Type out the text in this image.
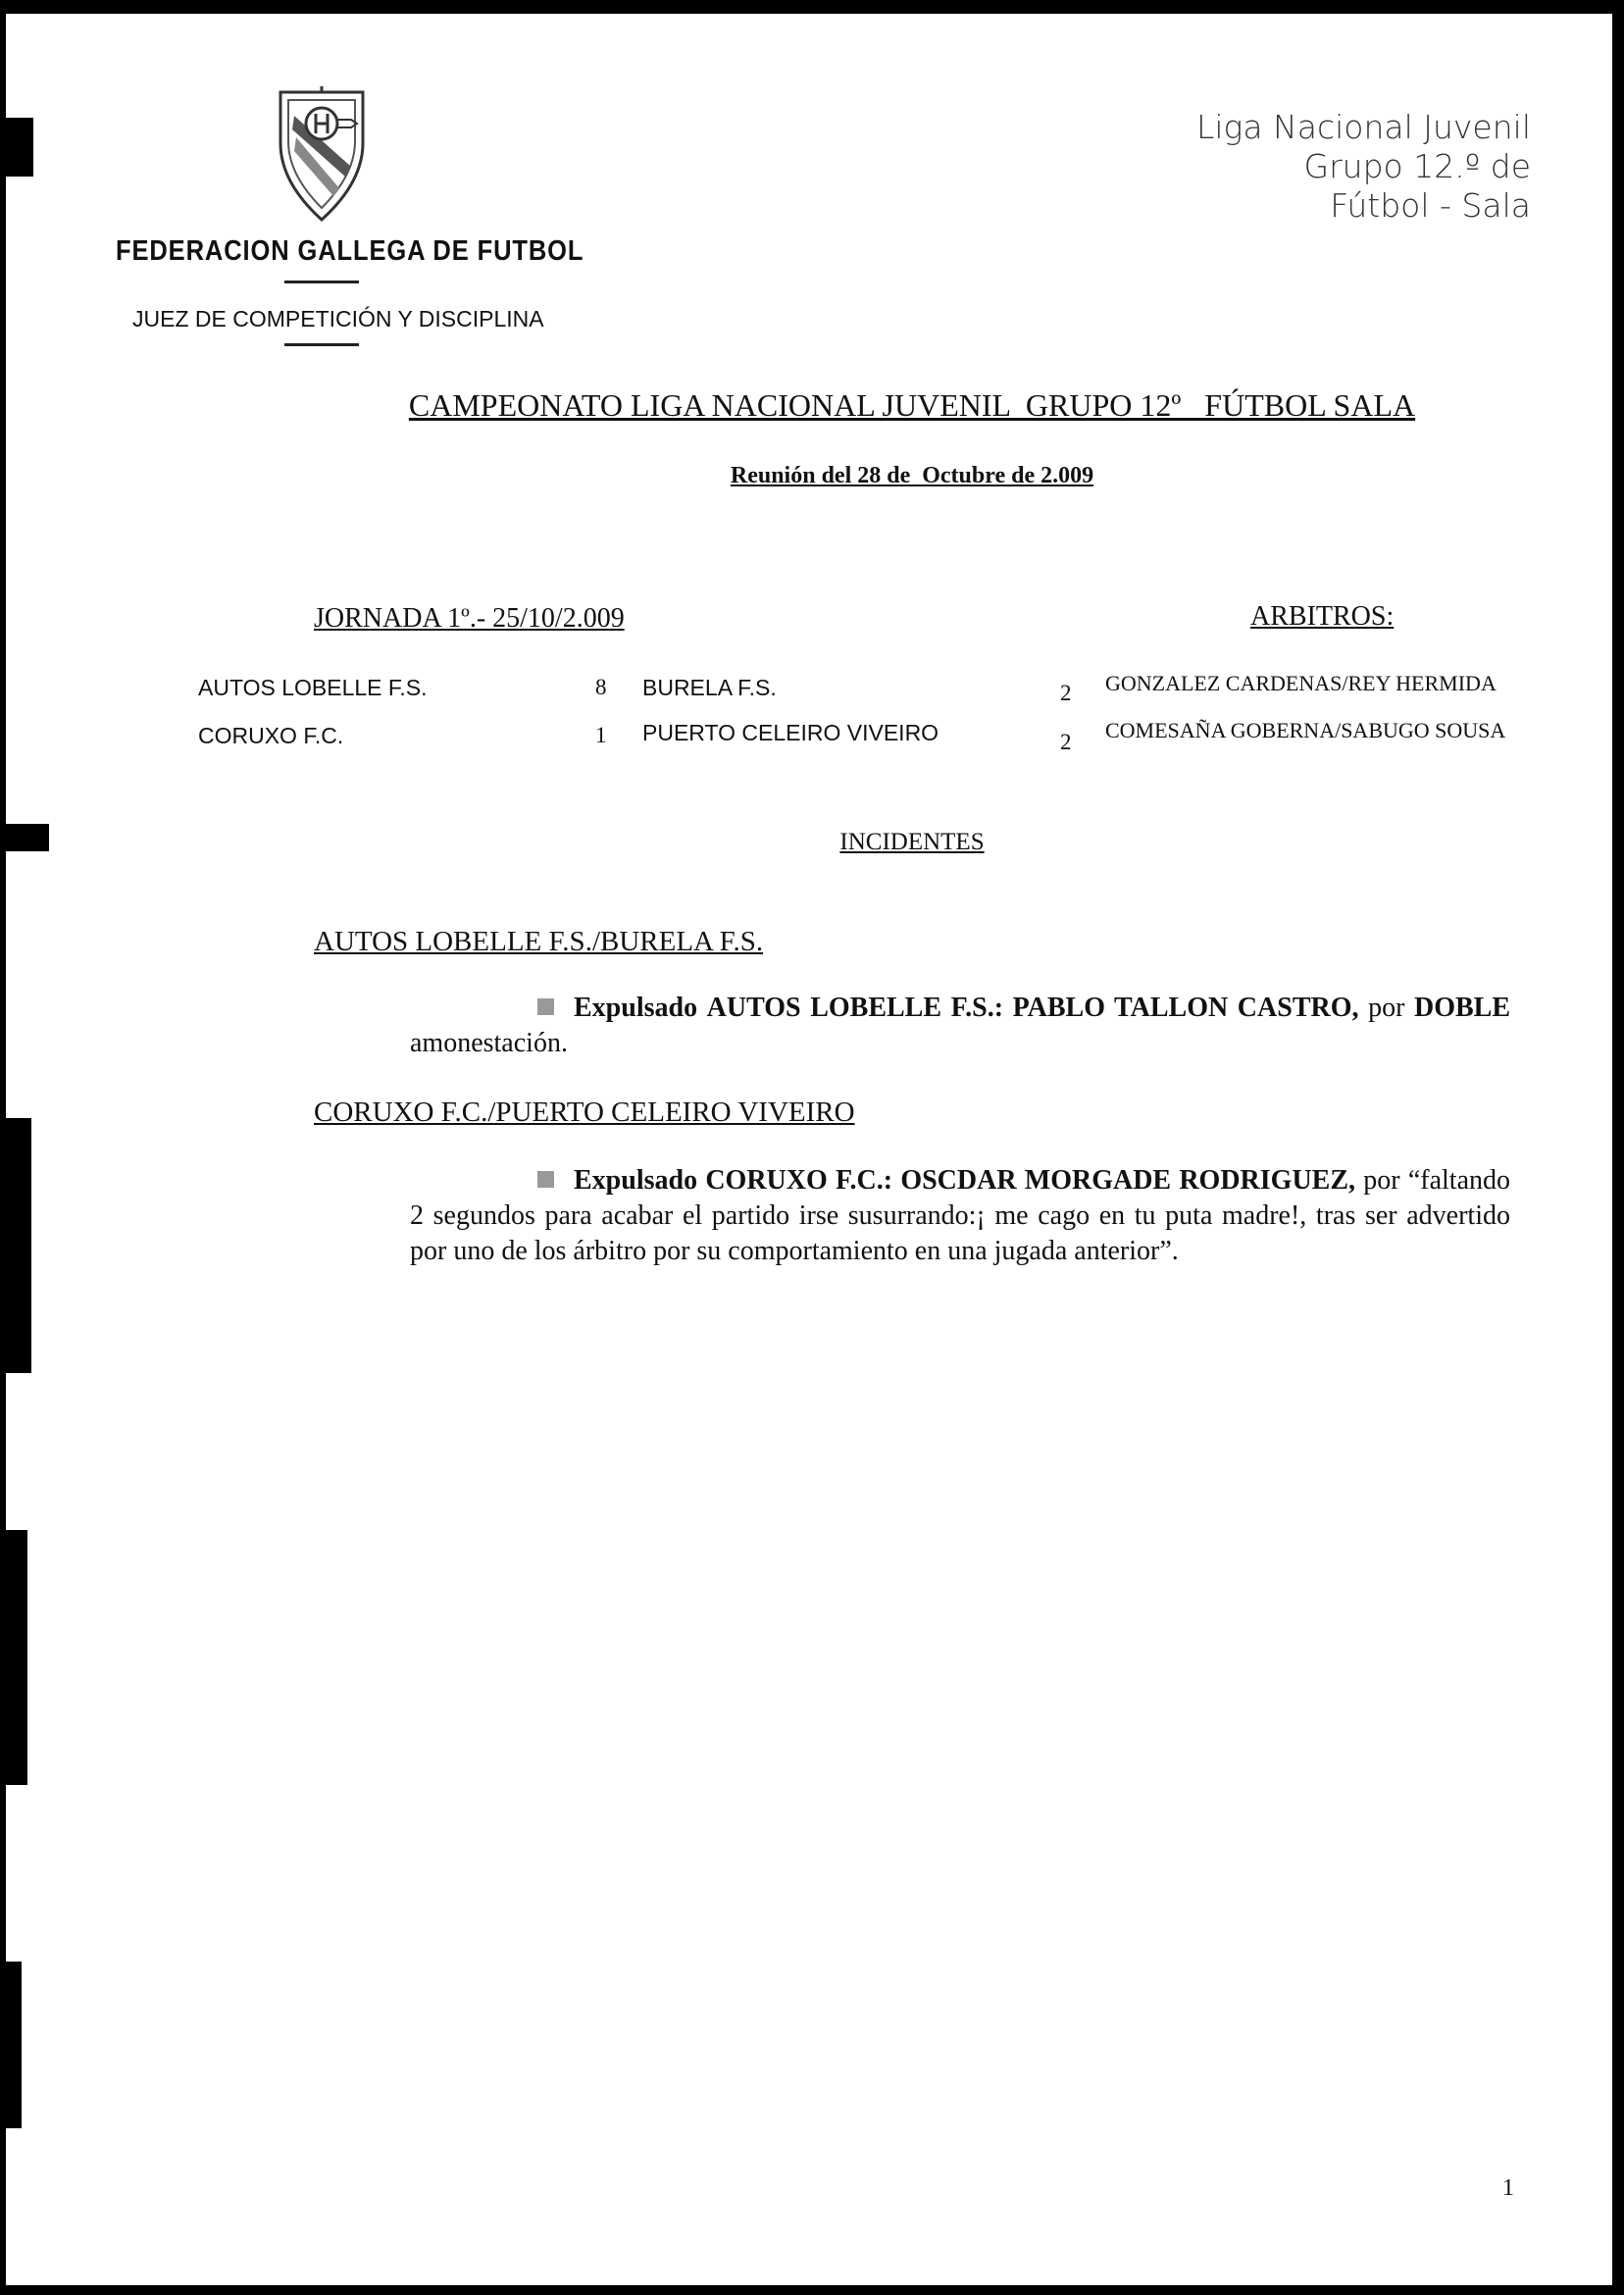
FEDERACION GALLEGA DE FUTBOL
JUEZ DE COMPETICIÓN Y DISCIPLINA
Liga Nacional Juvenil
Grupo 12.º de
Fútbol - Sala
CAMPEONATO LIGA NACIONAL JUVENIL  GRUPO 12º   FÚTBOL SALA
Reunión del 28 de  Octubre de 2.009
JORNADA 1º.- 25/10/2.009	ARBITROS:
AUTOS LOBELLE F.S.	8 BURELA F.S.	2 GONZALEZ CARDENAS/REY HERMIDA
CORUXO F.C.	1 PUERTO CELEIRO VIVEIRO	2 COMESAÑA GOBERNA/SABUGO SOUSA
INCIDENTES
AUTOS LOBELLE F.S./BURELA F.S.
Expulsado AUTOS LOBELLE F.S.: PABLO TALLON CASTRO, por DOBLE amonestación.
CORUXO F.C./PUERTO CELEIRO VIVEIRO
Expulsado CORUXO F.C.: OSCDAR MORGADE RODRIGUEZ, por “faltando 2 segundos para acabar el partido irse susurrando:¡ me cago en tu puta madre!, tras ser advertido por uno de los árbitro por su comportamiento en una jugada anterior”.
1
